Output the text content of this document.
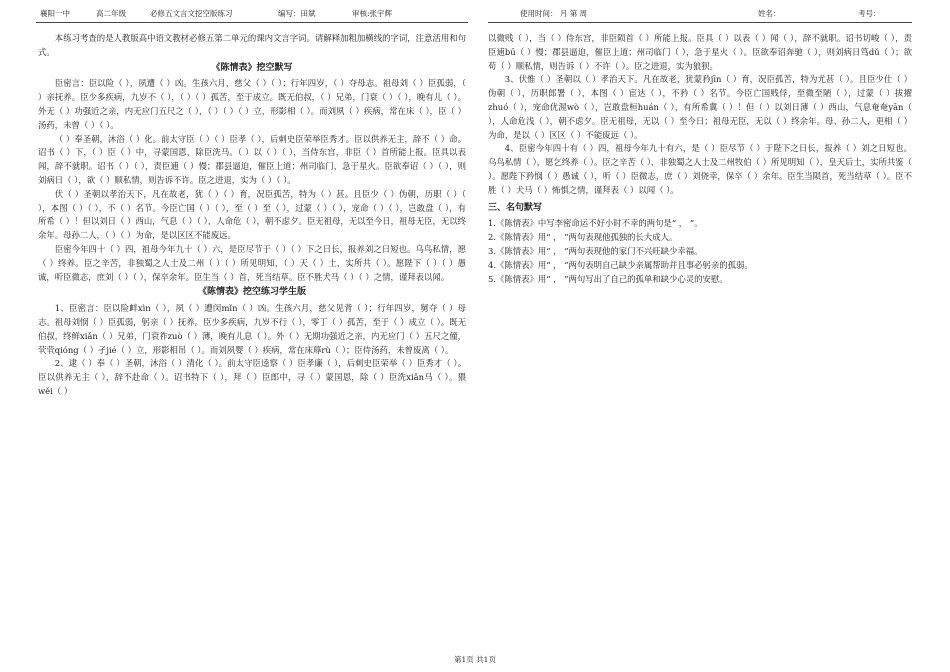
襄阳一中	高二年级	必修五文言文挖空版练习	编写：田斌	审核:张宇辉	使用时间： 月 第 周	姓名：	考号：

本练习考查的是人教版高中语文教材必修五第二单元的课内文言字词。请解释加粗加横线的字词，注意活用和句式。

《陈情表》挖空默写

臣密言：臣以险（ ），夙遭（ ）凶。生孩六月，慈父（ ）（ ）；行年四岁，（ ）夺母志。祖母刘（ ）臣孤弱，（ ）亲抚养。臣少多疾病，九岁不（ ），（ ）（ ）孤苦，至于成立。既无伯叔，（ ）兄弟，门衰（ ）（ ），晚有儿（ ）。外无（ ）功强近之亲，内无应门五尺之（ ），（ ）（ ）（ ）立，形影相（ ）。而刘夙（ ）疾病，常在床（ ），臣（ ）汤药，未曾（ ）（ ）。

（ ）奉圣朝，沐浴（ ）化。前太守臣（ ）（ ）臣孝（ ），后刺史臣荣举臣秀才。臣以供养无主，辞不（ ）命。诏书（ ）下，（ ）臣（ ）中，寻蒙国恩，除臣洗马。（ ）以（ ）（ ），当侍东宫，非臣（ ）首所能上报。臣具以表闻，辞不就职。诏书（ ）（ ），责臣逋（ ）慢；郡县逼迫，催臣上道；州司临门，急于星火。臣欲奉诏（ ）（ ），则刘病日（ ），欲（ ）顺私情，则告诉不许。臣之进退，实为（ ）（ ）。

伏（ ）圣朝以孝治天下，凡在故老，犹（ ）（ ）育，况臣孤苦，特为（ ）甚。且臣少（ ）伪朝，历职（ ）（ ），本图（ ）（ ），不（ ）名节。今臣亡国（ ）（ ），至（ ）至（ ），过蒙（ ）（ ），宠命（ ）（ ），岂敢盘（ ），有所希（ ）！但以刘日（ ）西山，气息（ ）（ ），人命危（ ），朝不虑夕。臣无祖母，无以至今日，祖母无臣，无以终余年。母孙二人，（ ）（ ）为命，是以区区不能废远。

臣密今年四十（ ）四，祖母今年九十（ ）六，是臣尽节于（ ）（ ）下之日长，报养刘之日短也。乌鸟私情，愿（ ）终养。臣之辛苦，非独蜀之人士及二州（ ）（ ）所见明知，（ ）天（ ）土，实所共（ ）。愿陛下（ ）（ ）愚诚，听臣微志，庶刘（ ）（ ），保卒余年。臣生当（ ）首，死当结草。臣不胜犬马（ ）（ ）之情，谨拜表以闻。

《陈情表》挖空练习学生版

1、臣密言：臣以险衅xìn（ ），夙（ ）遭闵mǐn（ ）凶。生孩六月，慈父见背（ ）；行年四岁，舅夺（ ）母志。祖母刘悯（ ）臣孤弱，躬亲（ ）抚养。臣少多疾病，九岁不行（ ），零丁（ ）孤苦，至于（ ）成立（ ）。既无伯叔，终鲜xiǎn（ ）兄弟，门衰祚zuò（ ）薄，晚有儿息（ ）。外（ ）无期功强近之亲，内无应门（ ）五尺之僮，茕茕qióng（ ）孑jié（ ）立，形影相吊（ ）。而刘夙婴（ ）疾病，常在床蓐rù（ ）；臣侍汤药，未曾废离（ ）。

2、逮（ ）奉（ ）圣朝，沐浴（ ）清化（ ）。前太守臣逵察（ ）臣孝廉（ ），后刺史臣荣举（ ）臣秀才（ ）。臣以供养无主（ ），辞不赴命（ ）。诏书特下（ ），拜（ ）臣郎中，寻（ ）蒙国恩，除（ ）臣洗xiǎn马（ ）。猥wěi（ ）

以微贱（ ），当（ ）侍东宫，非臣陨首（ ）所能上报。臣具（ ）以表（ ）闻（ ），辞不就职。诏书切峻（ ），责臣逋bū（ ）慢；郡县逼迫，催臣上道；州司临门（ ），急于星火（ ）。臣欲奉诏奔驰（ ），则刘病日笃dǔ（ ）；欲苟（ ）顺私情，则告诉（ ）不许（ ）。臣之进退，实为狼狈。

3、伏惟（ ）圣朝以（ ）孝治天下。凡在故老，犹蒙矜jīn（ ）育，况臣孤苦，特为尤甚（ ）。且臣少仕（ ）伪朝（ ），历职郎署（ ），本图（ ）宦达（ ），不矜（ ）名节。今臣亡国贱俘，至微至陋（ ），过蒙（ ）拔擢zhuó（ ），宠命优渥wò（ ），岂敢盘桓huán（ ），有所希冀（ ）！但（ ）以刘日薄（ ）西山，气息奄奄yān（ ），人命危浅（ ），朝不虑夕。臣无祖母，无以（ ）至今日；祖母无臣，无以（ ）终余年。母、孙二人，更相（ ）为命，是以（ ）区区（ ）不能废远（ ）。

4、臣密今年四十有（ ）四，祖母今年九十有六，是（ ）臣尽节（ ）于陛下之日长，报养（ ）刘之日短也。乌鸟私情（ ），愿乞终养（ ）。臣之辛苦（ ），非独蜀之人士及二州牧伯（ ）所见明知（ ），皇天后土，实所共鉴（ ）。愿陛下矜悯（ ）愚诚（ ），听（ ）臣微志，庶（ ）刘侥幸，保卒（ ）余年。臣生当陨首，死当结草（ ）。臣不胜（ ）犬马（ ）怖惧之情，谨拜表（ ）以闻（ ）。

三、名句默写

1.《陈情表》中写李密命运不好小时不幸的两句是“ ， ”。

2.《陈情表》用“ ， ”两句表现他孤独的长大成人。

3.《陈情表》用“ ， ”两句表现他的家门不兴旺缺少幸福。

4.《陈情表》用“ ， ”两句表明自己缺少亲属帮助并且事必躬亲的孤弱。

5.《陈情表》用“ ， ”两句写出了自己的孤单和缺少心灵的安慰。

第1页 共1页
